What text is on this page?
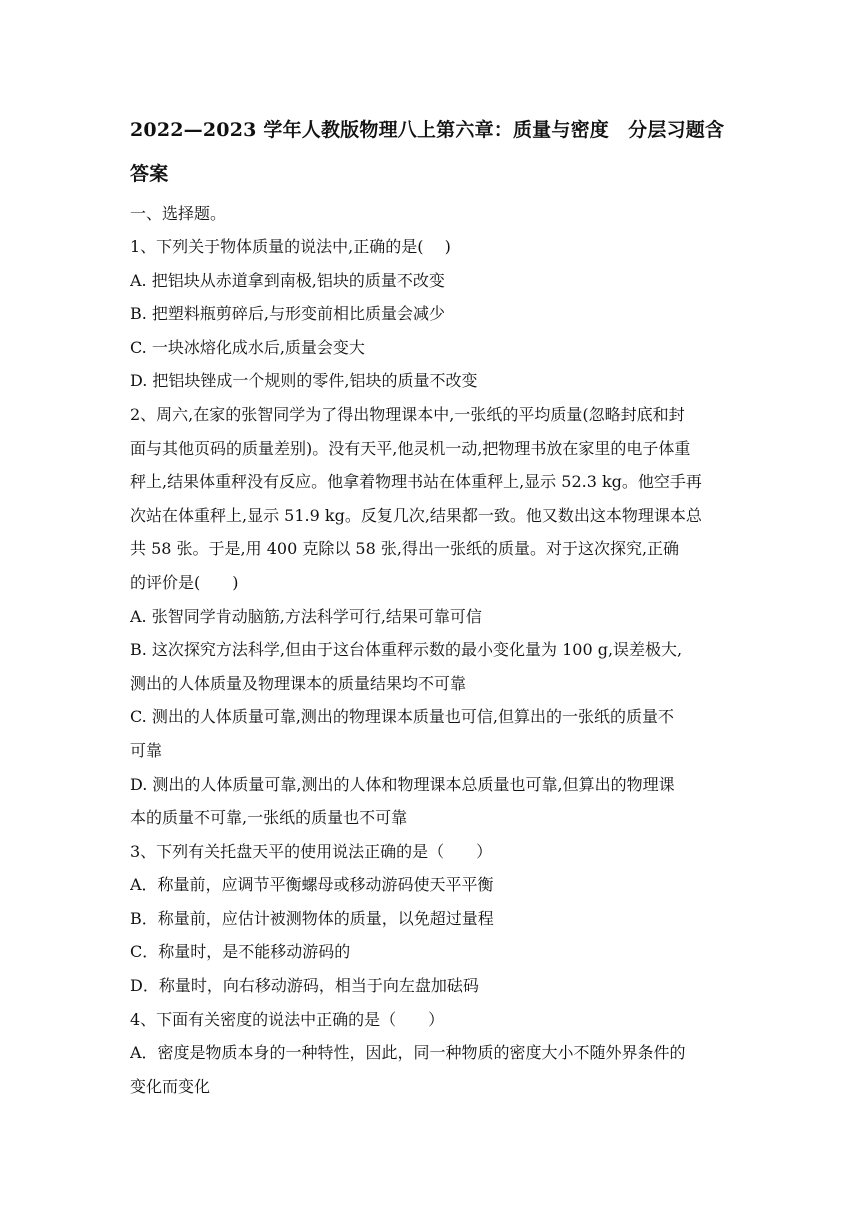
2022—2023 学年人教版物理八上第六章：质量与密度　分层习题含
答案
一、选择题。
1、下列关于物体质量的说法中,正确的是(　 )
A. 把铝块从赤道拿到南极,铝块的质量不改变
B. 把塑料瓶剪碎后,与形变前相比质量会减少
C. 一块冰熔化成水后,质量会变大
D. 把铝块锉成一个规则的零件,铝块的质量不改变
2、周六,在家的张智同学为了得出物理课本中,一张纸的平均质量(忽略封底和封
面与其他页码的质量差别)。没有天平,他灵机一动,把物理书放在家里的电子体重
秤上,结果体重秤没有反应。他拿着物理书站在体重秤上,显示 52.3 kg。他空手再
次站在体重秤上,显示 51.9 kg。反复几次,结果都一致。他又数出这本物理课本总
共 58 张。于是,用 400 克除以 58 张,得出一张纸的质量。对于这次探究,正确
的评价是(　　)
A. 张智同学肯动脑筋,方法科学可行,结果可靠可信
B. 这次探究方法科学,但由于这台体重秤示数的最小变化量为 100 g,误差极大,
测出的人体质量及物理课本的质量结果均不可靠
C. 测出的人体质量可靠,测出的物理课本质量也可信,但算出的一张纸的质量不
可靠
D. 测出的人体质量可靠,测出的人体和物理课本总质量也可靠,但算出的物理课
本的质量不可靠,一张纸的质量也不可靠
3、下列有关托盘天平的使用说法正确的是（　　）
A．称量前，应调节平衡螺母或移动游码使天平平衡
B．称量前，应估计被测物体的质量，以免超过量程
C．称量时，是不能移动游码的
D．称量时，向右移动游码，相当于向左盘加砝码
4、下面有关密度的说法中正确的是（　　）
A．密度是物质本身的一种特性，因此，同一种物质的密度大小不随外界条件的
变化而变化
